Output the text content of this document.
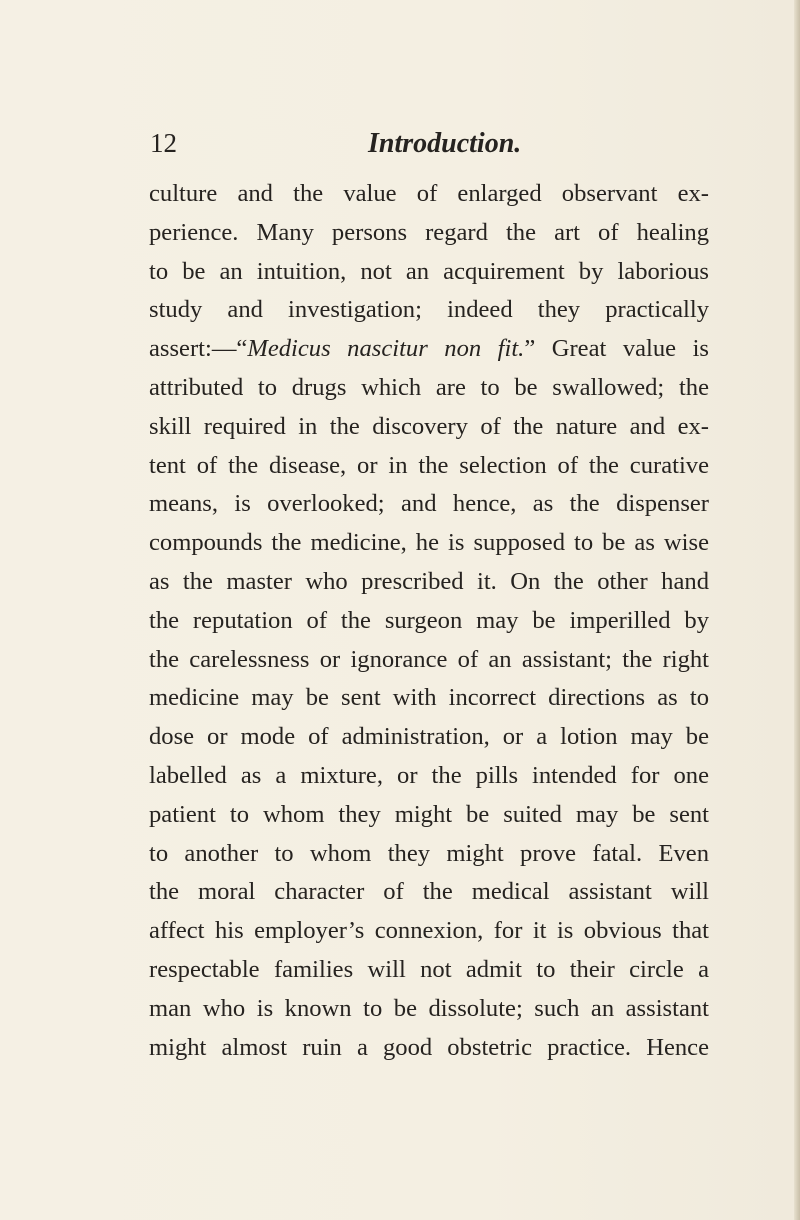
12	Introduction.
culture and the value of enlarged observant ex-
perience. Many persons regard the art of healing
to be an intuition, not an acquirement by laborious
study and investigation; indeed they practically
assert:—“Medicus nascitur non fit.” Great value is
attributed to drugs which are to be swallowed; the
skill required in the discovery of the nature and ex-
tent of the disease, or in the selection of the curative
means, is overlooked; and hence, as the dispenser
compounds the medicine, he is supposed to be as wise
as the master who prescribed it. On the other hand
the reputation of the surgeon may be imperilled by
the carelessness or ignorance of an assistant; the right
medicine may be sent with incorrect directions as to
dose or mode of administration, or a lotion may be
labelled as a mixture, or the pills intended for one
patient to whom they might be suited may be sent
to another to whom they might prove fatal. Even
the moral character of the medical assistant will
affect his employer’s connexion, for it is obvious that
respectable families will not admit to their circle a
man who is known to be dissolute; such an assistant
might almost ruin a good obstetric practice. Hence
